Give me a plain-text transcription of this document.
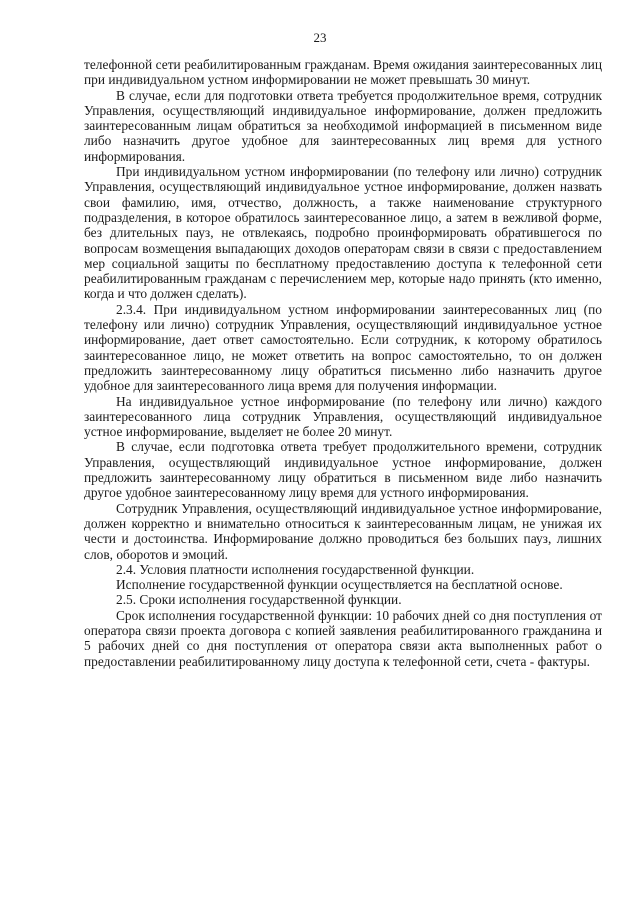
23

телефонной сети реабилитированным гражданам. Время ожидания заинтересованных лиц при индивидуальном устном информировании не может превышать 30 минут.

В случае, если для подготовки ответа требуется продолжительное время, сотрудник Управления, осуществляющий индивидуальное информирование, должен предложить заинтересованным лицам обратиться за необходимой информацией в письменном виде либо назначить другое удобное для заинтересованных лиц время для устного информирования.

При индивидуальном устном информировании (по телефону или лично) сотрудник Управления, осуществляющий индивидуальное устное информирование, должен назвать свои фамилию, имя, отчество, должность, а также наименование структурного подразделения, в которое обратилось заинтересованное лицо, а затем в вежливой форме, без длительных пауз, не отвлекаясь, подробно проинформировать обратившегося по вопросам возмещения выпадающих доходов операторам связи в связи с предоставлением мер социальной защиты по бесплатному предоставлению доступа к телефонной сети реабилитированным гражданам с перечислением мер, которые надо принять (кто именно, когда и что должен сделать).

2.3.4. При индивидуальном устном информировании заинтересованных лиц (по телефону или лично) сотрудник Управления, осуществляющий индивидуальное устное информирование, дает ответ самостоятельно. Если сотрудник, к которому обратилось заинтересованное лицо, не может ответить на вопрос самостоятельно, то он должен предложить заинтересованному лицу обратиться письменно либо назначить другое удобное для заинтересованного лица время для получения информации.

На индивидуальное устное информирование (по телефону или лично) каждого заинтересованного лица сотрудник Управления, осуществляющий индивидуальное устное информирование, выделяет не более 20 минут.

В случае, если подготовка ответа требует продолжительного времени, сотрудник Управления, осуществляющий индивидуальное устное информирование, должен предложить заинтересованному лицу обратиться в письменном виде либо назначить другое удобное заинтересованному лицу время для устного информирования.

Сотрудник Управления, осуществляющий индивидуальное устное информирование, должен корректно и внимательно относиться к заинтересованным лицам, не унижая их чести и достоинства. Информирование должно проводиться без больших пауз, лишних слов, оборотов и эмоций.

2.4. Условия платности исполнения государственной функции.

Исполнение государственной функции осуществляется на бесплатной основе.

2.5. Сроки исполнения государственной функции.

Срок исполнения государственной функции: 10 рабочих дней со дня поступления от оператора связи проекта договора с копией заявления реабилитированного гражданина и 5 рабочих дней со дня поступления от оператора связи акта выполненных работ о предоставлении реабилитированному лицу доступа к телефонной сети, счета - фактуры.
